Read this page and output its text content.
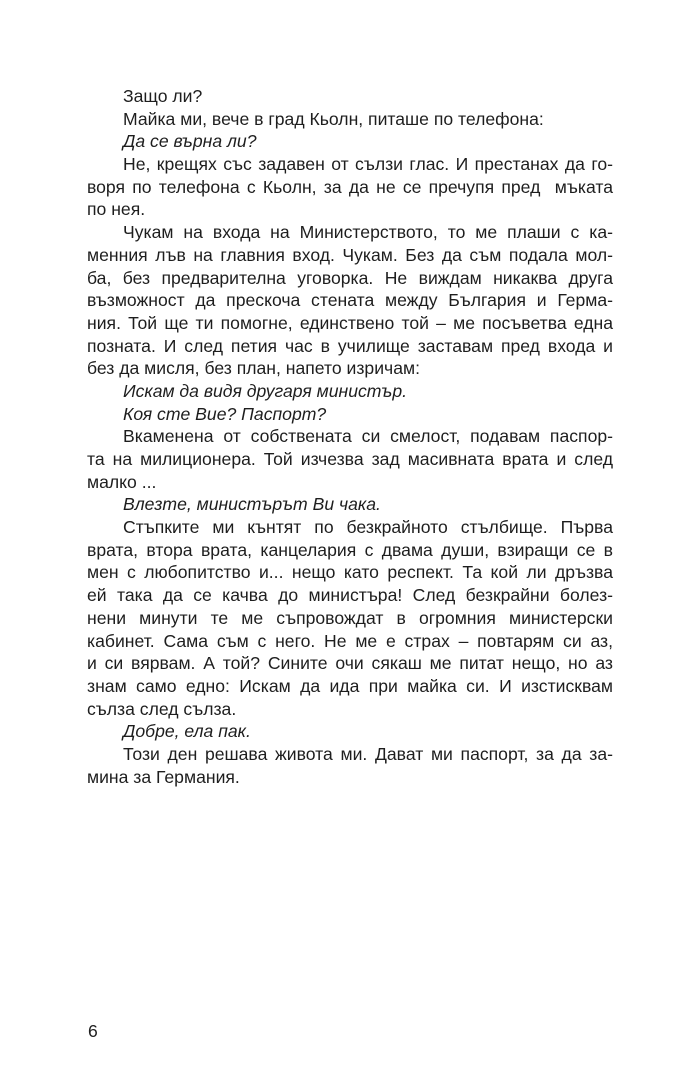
Защо ли?
Майка ми, вече в град Кьолн, питаше по телефона:
Да се върна ли?
Не, крещях със задавен от сълзи глас. И престанах да го-
воря по телефона с Кьолн, за да не се пречупя пред  мъката
по нея.
Чукам на входа на Министерството, то ме плаши с ка-
менния лъв на главния вход. Чукам. Без да съм подала мол-
ба, без предварителна уговорка. Не виждам никаква друга
възможност да прескоча стената между България и Герма-
ния. Той ще ти помогне, единствено той – ме посъветва една
позната. И след петия час в училище заставам пред входа и
без да мисля, без план, напето изричам:
Искам да видя другаря министър.
Коя сте Вие? Паспорт?
Вкаменена от собствената си смелост, подавам паспор-
та на милиционера. Той изчезва зад масивната врата и след
малко ...
Влезте, министърът Ви чака.
Стъпките ми кънтят по безкрайното стълбище. Първа
врата, втора врата, канцелария с двама души, взиращи се в
мен с любопитство и... нещо като респект. Та кой ли дръзва
ей така да се качва до министъра! След безкрайни болез-
нени минути те ме съпровождат в огромния министерски
кабинет. Сама съм с него. Не ме е страх – повтарям си аз,
и си вярвам. А той? Сините очи сякаш ме питат нещо, но аз
знам само едно: Искам да ида при майка си. И изстисквам
сълза след сълза.
Добре, ела пак.
Този ден решава живота ми. Дават ми паспорт, за да за-
мина за Германия.
6
